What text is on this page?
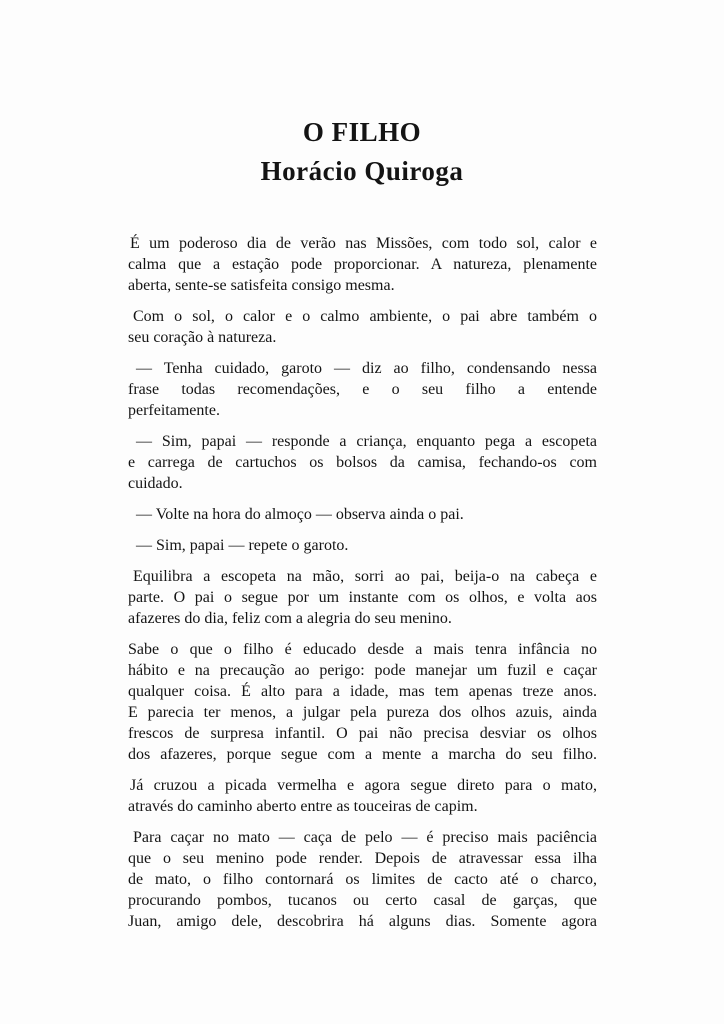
O FILHO
Horácio Quiroga
É um poderoso dia de verão nas Missões, com todo sol, calor e
calma que a estação pode proporcionar. A natureza, plenamente
aberta, sente-se satisfeita consigo mesma.
Com o sol, o calor e o calmo ambiente, o pai abre também o
seu coração à natureza.
— Tenha cuidado, garoto — diz ao filho, condensando nessa
frase todas recomendações, e o seu filho a entende
perfeitamente.
— Sim, papai — responde a criança, enquanto pega a escopeta
e carrega de cartuchos os bolsos da camisa, fechando-os com
cuidado.
— Volte na hora do almoço — observa ainda o pai.
— Sim, papai — repete o garoto.
Equilibra a escopeta na mão, sorri ao pai, beija-o na cabeça e
parte. O pai o segue por um instante com os olhos, e volta aos
afazeres do dia, feliz com a alegria do seu menino.
Sabe o que o filho é educado desde a mais tenra infância no
hábito e na precaução ao perigo: pode manejar um fuzil e caçar
qualquer coisa. É alto para a idade, mas tem apenas treze anos.
E parecia ter menos, a julgar pela pureza dos olhos azuis, ainda
frescos de surpresa infantil. O pai não precisa desviar os olhos
dos afazeres, porque segue com a mente a marcha do seu filho.
Já cruzou a picada vermelha e agora segue direto para o mato,
através do caminho aberto entre as touceiras de capim.
Para caçar no mato — caça de pelo — é preciso mais paciência
que o seu menino pode render. Depois de atravessar essa ilha
de mato, o filho contornará os limites de cacto até o charco,
procurando pombos, tucanos ou certo casal de garças, que
Juan, amigo dele, descobrira há alguns dias. Somente agora
